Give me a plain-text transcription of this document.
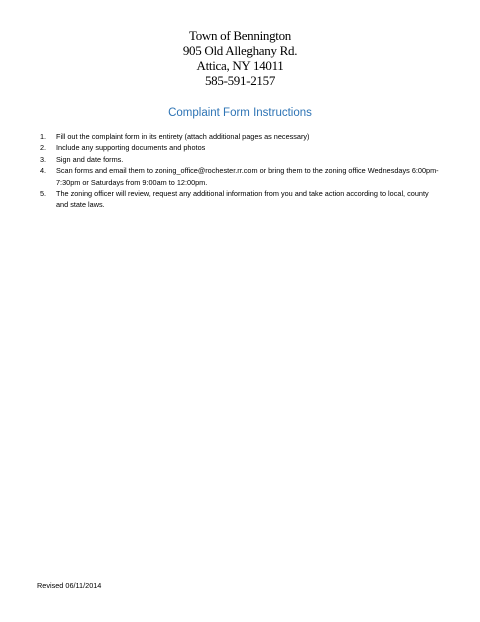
Town of Bennington
905 Old Alleghany Rd.
Attica, NY 14011
585-591-2157
Complaint Form Instructions
1.	Fill out the complaint form in its entirety (attach additional pages as necessary)
2.	Include any supporting documents and photos
3.	Sign and date forms.
4.	Scan forms and email them to zoning_office@rochester.rr.com or bring them to the zoning office Wednesdays 6:00pm-7:30pm or Saturdays from 9:00am to 12:00pm.
5.	The zoning officer will review, request any additional information from you and take action according to local, county and state laws.
Revised 06/11/2014
